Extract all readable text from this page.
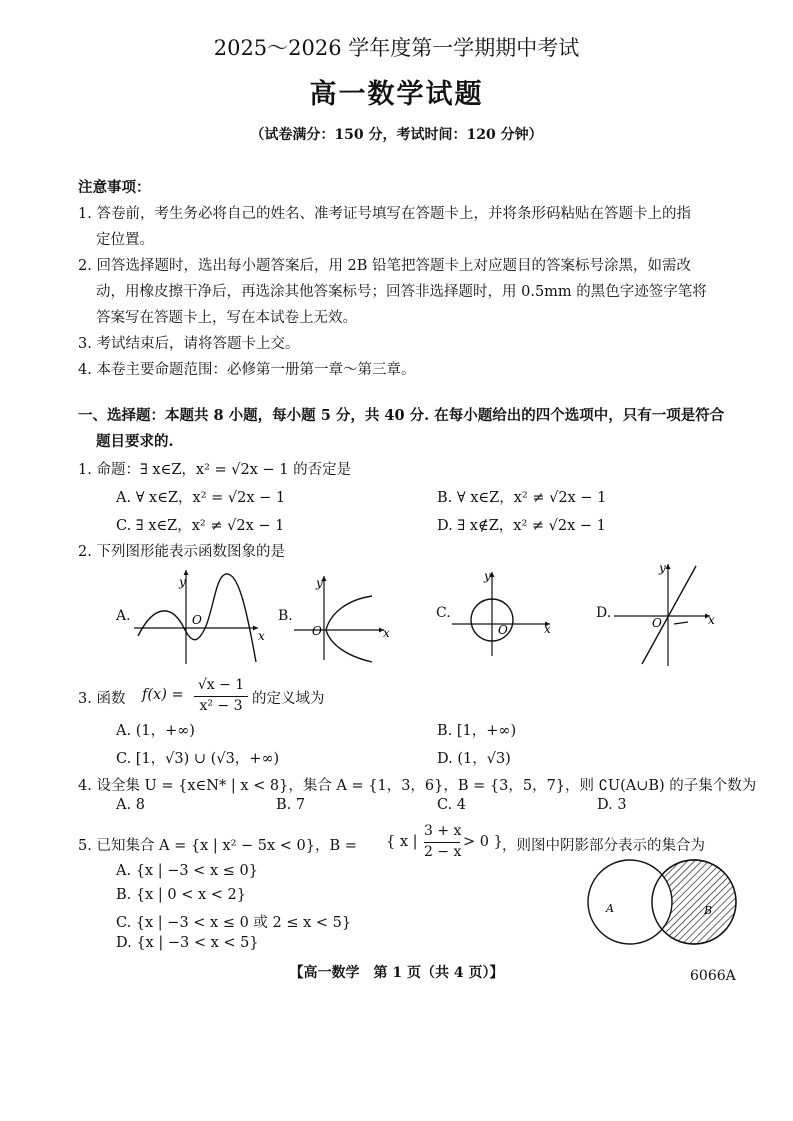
2025～2026 学年度第一学期期中考试
高一数学试题
（试卷满分：150 分，考试时间：120 分钟）
注意事项：
1. 答卷前，考生务必将自己的姓名、准考证号填写在答题卡上，并将条形码粘贴在答题卡上的指
定位置。
2. 回答选择题时，选出每小题答案后，用 2B 铅笔把答题卡上对应题目的答案标号涂黑，如需改
动，用橡皮擦干净后，再选涂其他答案标号；回答非选择题时，用 0.5mm 的黑色字迹签字笔将
答案写在答题卡上，写在本试卷上无效。
3. 考试结束后，请将答题卡上交。
4. 本卷主要命题范围：必修第一册第一章～第三章。
一、选择题：本题共 8 小题，每小题 5 分，共 40 分. 在每小题给出的四个选项中，只有一项是符合
题目要求的.
1. 命题：∃ x∈Z，x² = √2x − 1 的否定是
A. ∀ x∈Z，x² = √2x − 1	B. ∀ x∈Z，x² ≠ √2x − 1
C. ∃ x∈Z，x² ≠ √2x − 1	D. ∃ x∉Z，x² ≠ √2x − 1
2. 下列图形能表示函数图象的是
A.	B.	C.	D.
y
O
x
y
O	x
y
O	x
y
O	x
3. 函数 f(x) =
√x − 1
x² − 3 的定义域为
A. (1，+∞)	B. [1，+∞)
C. [1，√3) ∪ (√3，+∞)	D. (1，√3)
4. 设全集 U = {x∈N* | x < 8}，集合 A = {1，3，6}，B = {3，5，7}，则 ∁U(A∪B) 的子集个数为
A. 8	B. 7	C. 4	D. 3
5. 已知集合 A = {x | x² − 5x < 0}，B = { x |
3 + x
2 − x
> 0 } ，则图中阴影部分表示的集合为
A. {x | −3 < x ≤ 0}
B. {x | 0 < x < 2}
C. {x | −3 < x ≤ 0 或 2 ≤ x < 5}
D. {x | −3 < x < 5}
A	B
【高一数学　第 1 页（共 4 页）】	6066A
